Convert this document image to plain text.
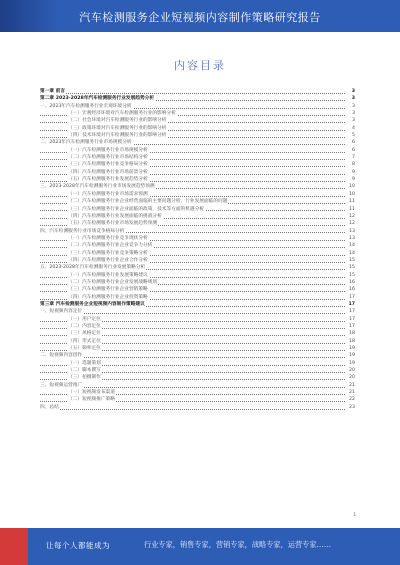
汽车检测服务企业短视频内容制作策略研究报告
内容目录
第一章 前言	3
第二章 2023-2028年汽车检测服务行业发展趋势分析	3
一、2023年汽车检测服务行业宏观环境分析	3
（一）宏观经济环境对汽车检测服务行业的影响分析	3
（二）社会环境对汽车检测服务行业的影响分析	3
（三）政策环境对汽车检测服务行业的影响分析	4
（四）技术环境对汽车检测服务行业的影响分析	5
二、2023年汽车检测服务行业市场规模分析	6
（一）汽车检测服务行业市场规模分析	6
（二）汽车检测服务行业市场结构分析	7
（三）汽车检测服务行业竞争格局分析	8
（四）汽车检测服务行业市场前景分析	9
（五）汽车检测服务行业发展趋势分析	9
三、2023-2028年汽车检测服务行业市场发展趋势预测	10
（一）汽车检测服务行业市场需求预测	10
（二）汽车检测服务行业企业经营面临的主要问题分析，行业发展面临的问题	11
（三）汽车检测服务行业企业面临的政策、技术等方面的机遇分析	11
（四）汽车检测服务行业发展面临的挑战分析	12
（五）汽车检测服务行业市场发展趋势预测	12
四、汽车检测服务行业市场竞争格局分析	13
（一）汽车检测服务行业竞争现状分析	13
（二）汽车检测服务行业企业竞争力分析	14
（三）汽车检测服务行业竞争策略分析	14
（四）汽车检测服务行业企业合作分析	15
五、2023-2028年汽车检测服务行业发展策略分析	15
（一）汽车检测服务行业发展策略建议	15
（二）汽车检测服务行业企业发展战略规划	16
（三）汽车检测服务行业企业营销策略	16
（四）汽车检测服务行业企业投资策略	17
第三章 汽车检测服务企业短视频内容制作策略建议	17
一、短视频内容定位	17
（一）用户定位	17
（二）内容定位	17
（三）风格定位	18
（四）形式定位	18
（五）频率定位	19
二、短视频内容创作	19
（一）选题策划	19
（二）脚本撰写	20
（三）拍摄制作	20
三、短视频运营推广	21
（一）短视频发布渠道	21
（二）短视频推广策略	22
四、总结	23
1
让每个人都能成为	行业专家，销售专家，营销专家，战略专家，运营专家……
